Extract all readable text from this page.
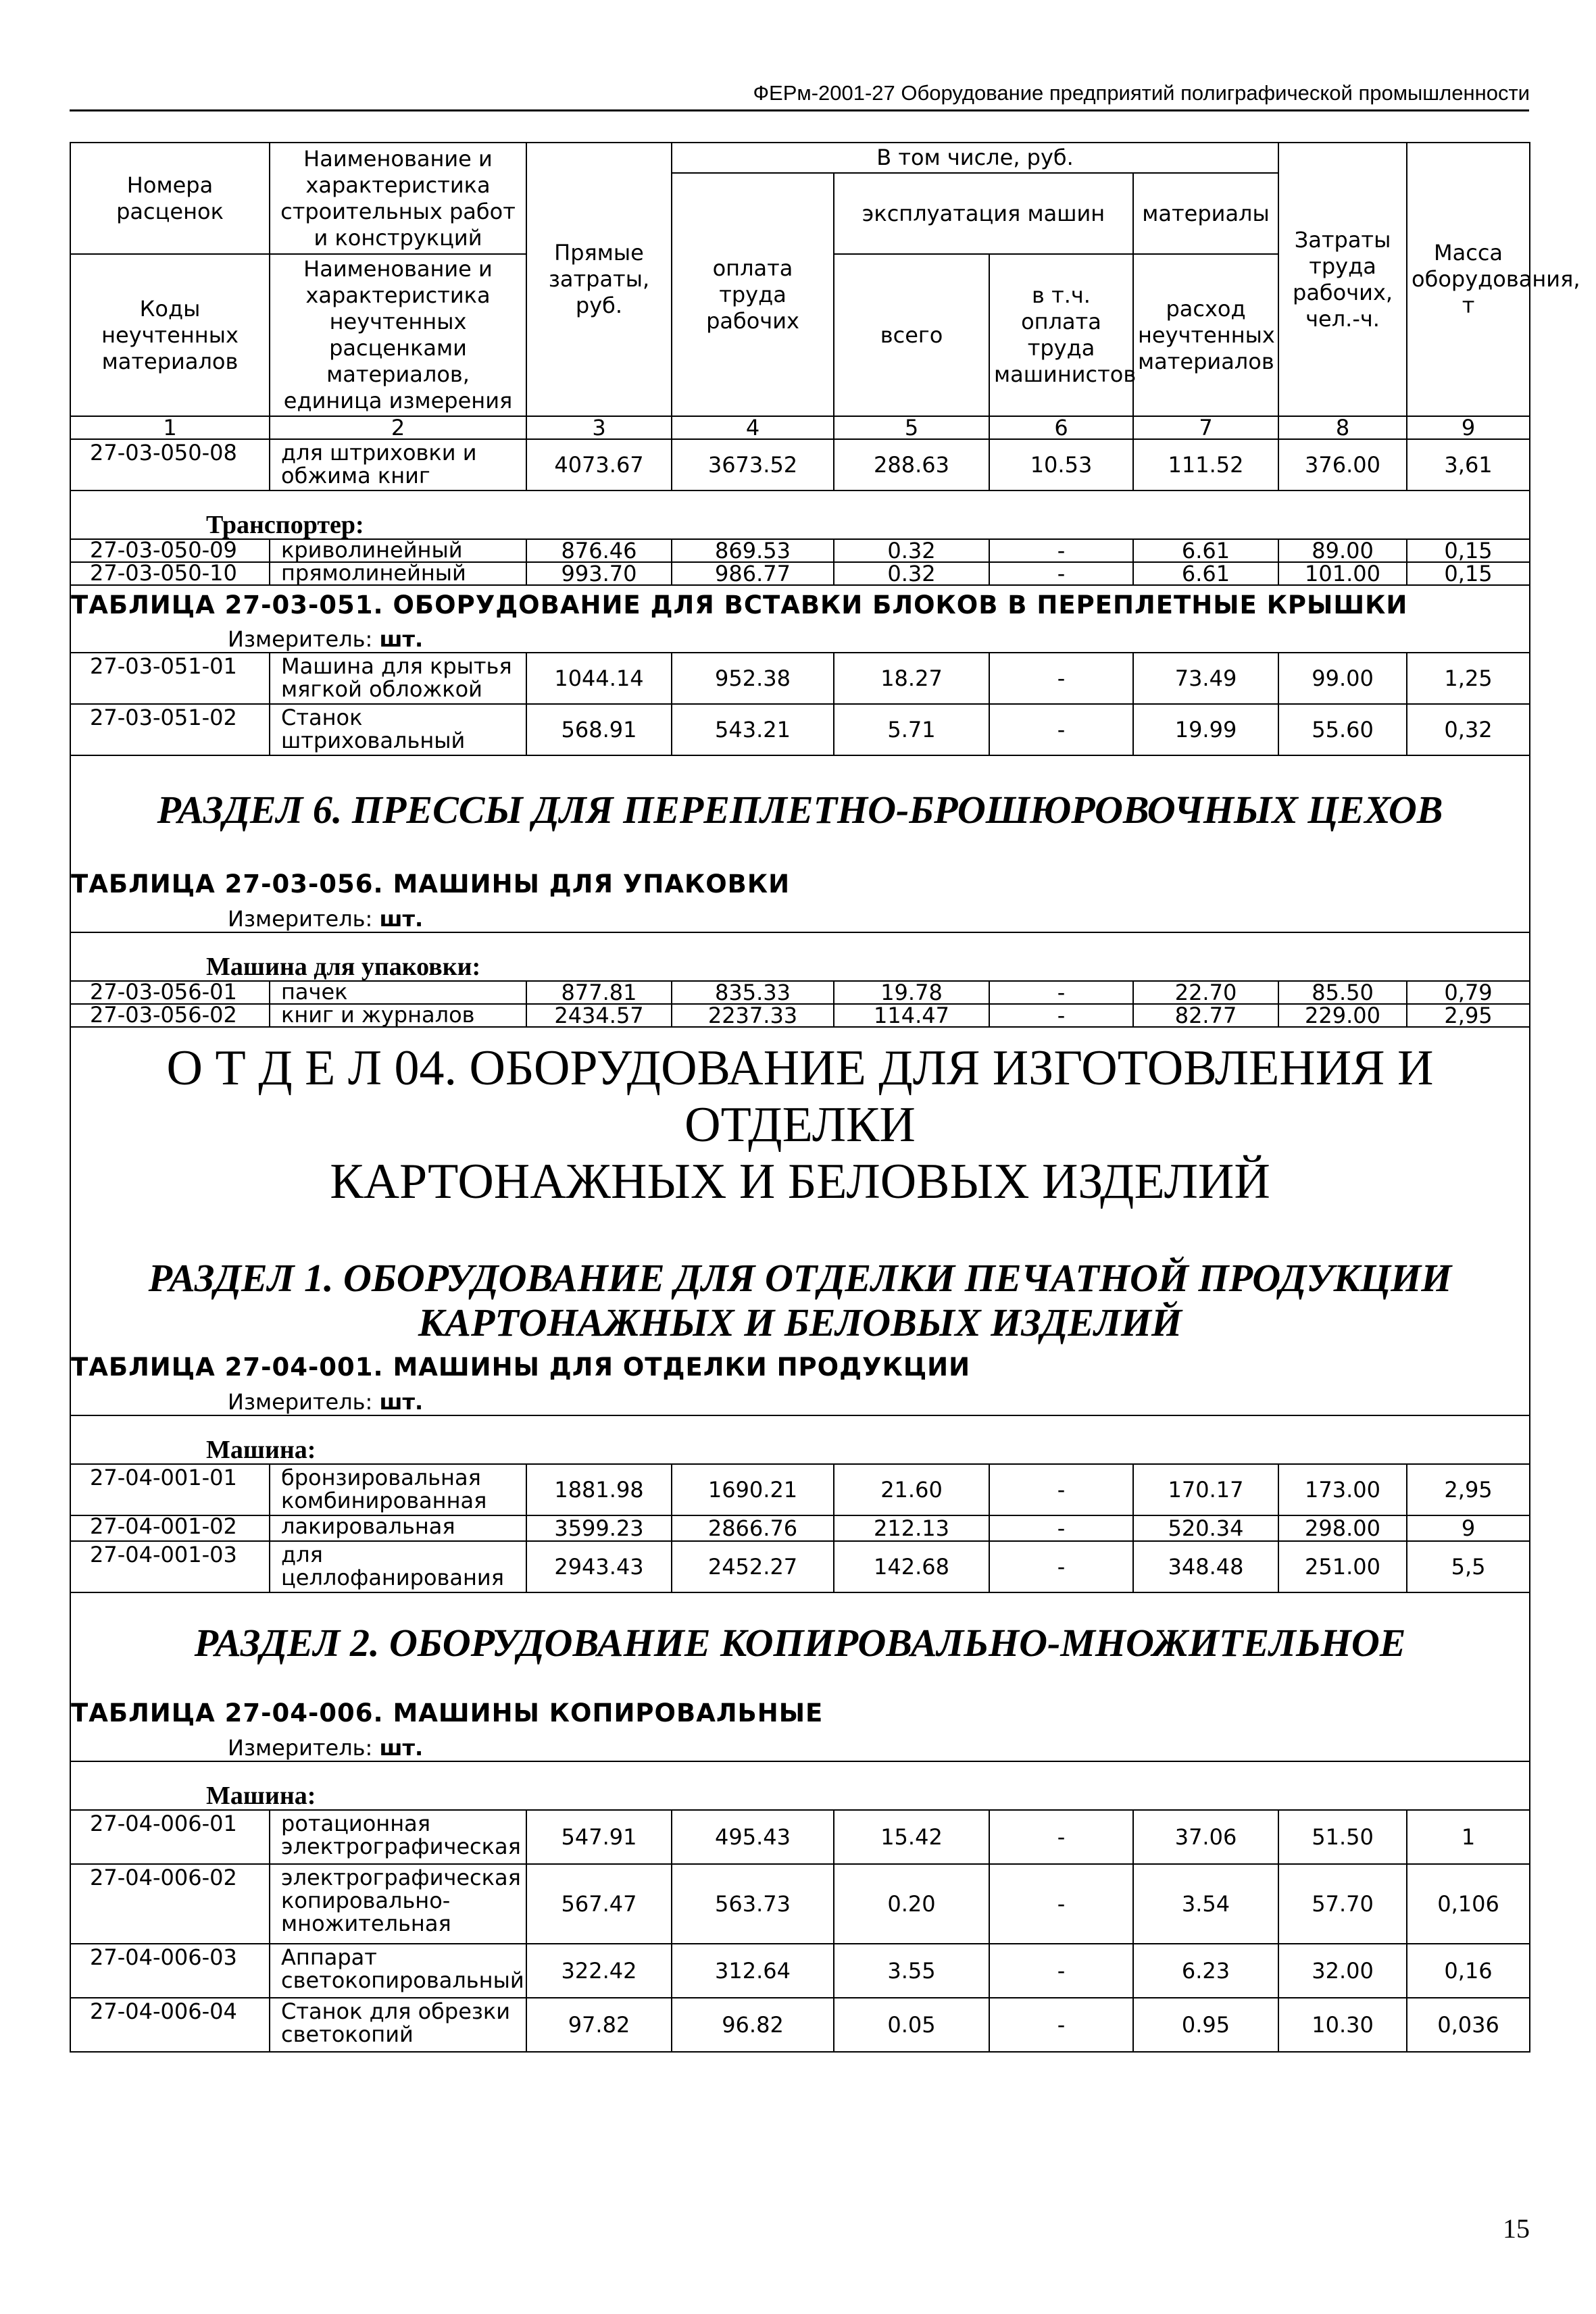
ФЕРм-2001-27 Оборудование предприятий полиграфической промышленности
Номера расценок	Наименование и характеристика строительных работ и конструкций	Прямые затраты, руб.	В том числе, руб.				Затраты труда рабочих, чел.-ч.	Масса оборудования, т
			оплата труда рабочих	эксплуатация машин		материалы		
Коды неучтенных материалов	Наименование и характеристика неучтенных расценками материалов, единица измерения			всего	в т.ч. оплата труда машинистов	расход неучтенных материалов		

1	2	3	4	5	6	7	8	9
27-03-050-08	для штриховки и обжима книг	4073.67	3673.52	288.63	10.53	111.52	376.00	3,61
Транспортер:								
27-03-050-09	криволинейный	876.46	869.53	0.32	-	6.61	89.00	0,15
27-03-050-10	прямолинейный	993.70	986.77	0.32	-	6.61	101.00	0,15
ТАБЛИЦА 27-03-051. ОБОРУДОВАНИЕ ДЛЯ ВСТАВКИ БЛОКОВ В ПЕРЕПЛЕТНЫЕ КРЫШКИ								
Измеритель: шт.								
27-03-051-01	Машина для крытья мягкой обложкой	1044.14	952.38	18.27	-	73.49	99.00	1,25
27-03-051-02	Станок штриховальный	568.91	543.21	5.71	-	19.99	55.60	0,32

РАЗДЕЛ 6. ПРЕССЫ ДЛЯ ПЕРЕПЛЕТНО-БРОШЮРОВОЧНЫХ ЦЕХОВ								

ТАБЛИЦА 27-03-056. МАШИНЫ ДЛЯ УПАКОВКИ								
Измеритель: шт.								
Машина для упаковки:								
27-03-056-01	пачек	877.81	835.33	19.78	-	22.70	85.50	0,79
27-03-056-02	книг и журналов	2434.57	2237.33	114.47	-	82.77	229.00	2,95

О Т Д Е Л 04. ОБОРУДОВАНИЕ ДЛЯ ИЗГОТОВЛЕНИЯ И ОТДЕЛКИ
КАРТОНАЖНЫХ И БЕЛОВЫХ ИЗДЕЛИЙ
РАЗДЕЛ 1. ОБОРУДОВАНИЕ ДЛЯ ОТДЕЛКИ ПЕЧАТНОЙ ПРОДУКЦИИ
КАРТОНАЖНЫХ И БЕЛОВЫХ ИЗДЕЛИЙ								

ТАБЛИЦА 27-04-001. МАШИНЫ ДЛЯ ОТДЕЛКИ ПРОДУКЦИИ								
Измеритель: шт.								
Машина:								
27-04-001-01	бронзировальная комбинированная	1881.98	1690.21	21.60	-	170.17	173.00	2,95
27-04-001-02	лакировальная	3599.23	2866.76	212.13	-	520.34	298.00	9
27-04-001-03	для целлофанирования	2943.43	2452.27	142.68	-	348.48	251.00	5,5

РАЗДЕЛ 2. ОБОРУДОВАНИЕ КОПИРОВАЛЬНО-МНОЖИТЕЛЬНОЕ								

ТАБЛИЦА 27-04-006. МАШИНЫ КОПИРОВАЛЬНЫЕ								
Измеритель: шт.								
Машина:								
27-04-006-01	ротационная электрографическая	547.91	495.43	15.42	-	37.06	51.50	1
27-04-006-02	электрографическая копировально-множительная	567.47	563.73	0.20	-	3.54	57.70	0,106
27-04-006-03	Аппарат светокопировальный	322.42	312.64	3.55	-	6.23	32.00	0,16
27-04-006-04	Станок для обрезки светокопий	97.82	96.82	0.05	-	0.95	10.30	0,036
15
